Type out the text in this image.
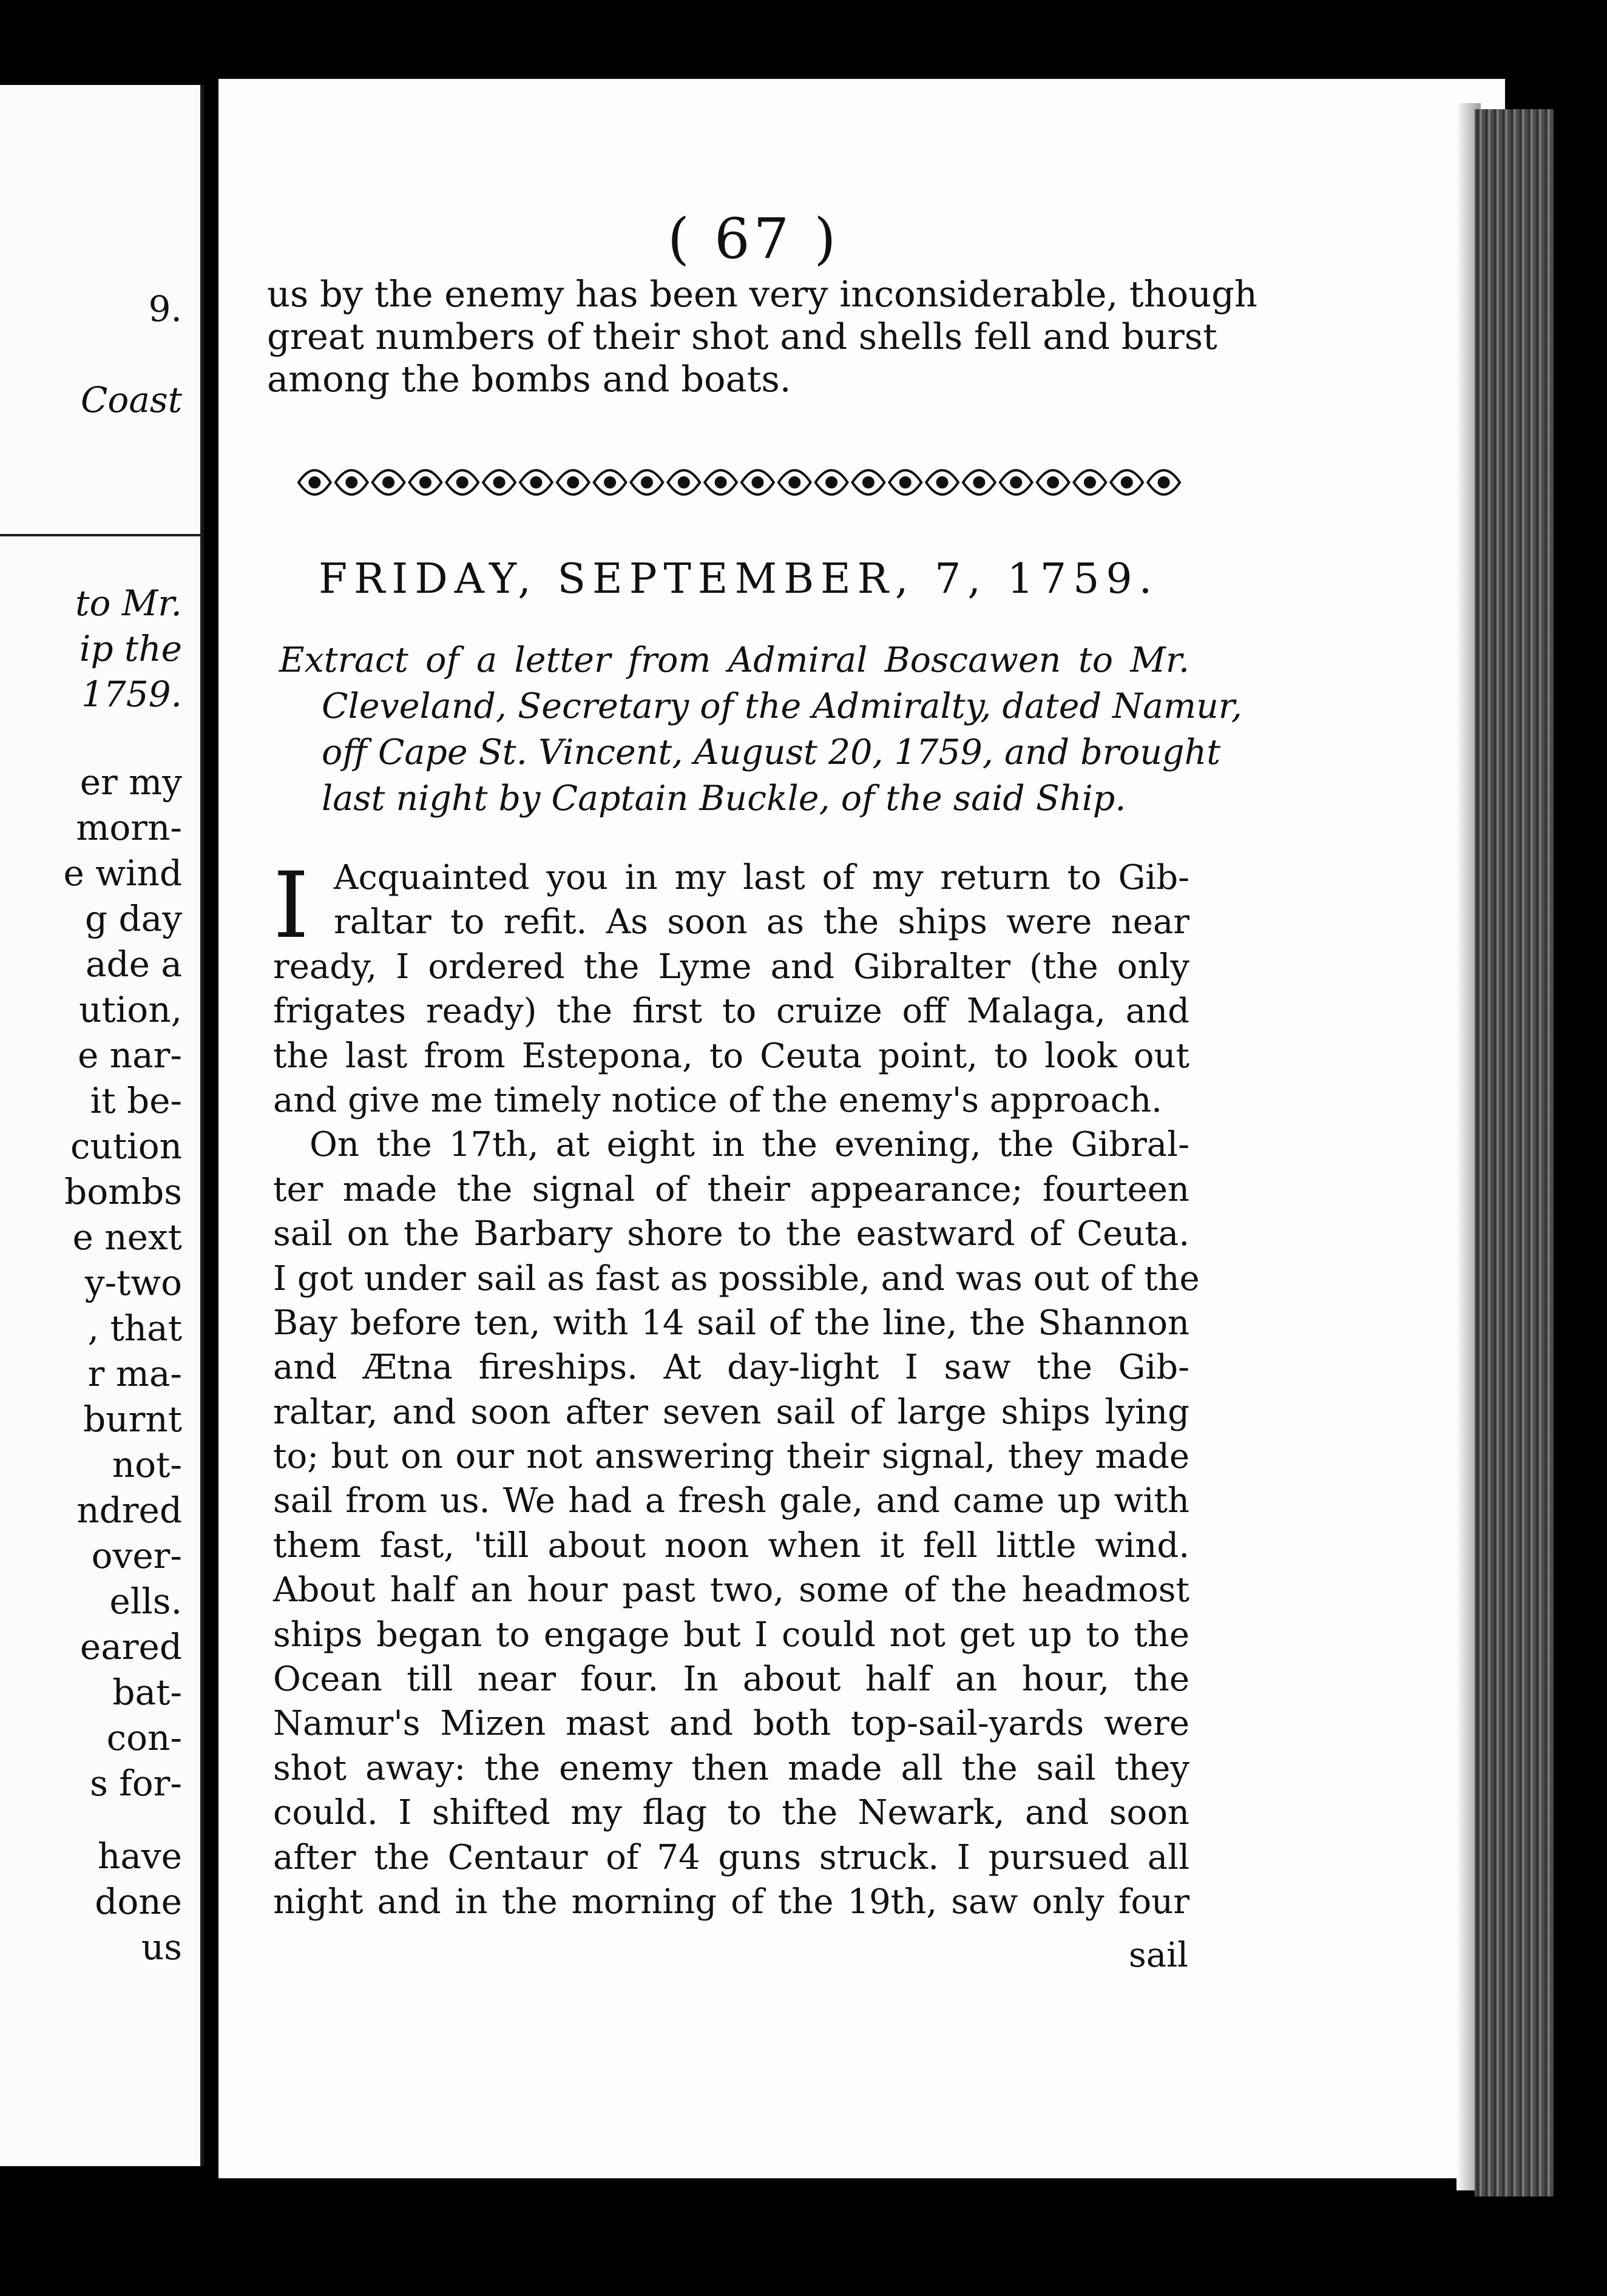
9.
Coast
to Mr.
ip the
1759.
er my
morn-
e wind
g day
ade a
ution,
e nar-
it be-
cution
bombs
e next
y-two
, that
r ma-
burnt
not-
ndred
over-
ells.
eared
bat-
con-
s for-
have
done
us
( 67 )
us by the enemy has been very inconsiderable, though
great numbers of their shot and shells fell and burst
among the bombs and boats.
FRIDAY, SEPTEMBER, 7, 1759.
Extract of a letter from Admiral Boscawen to Mr.
Cleveland, Secretary of the Admiralty, dated Namur,
off Cape St. Vincent, August 20, 1759, and brought
last night by Captain Buckle, of the said Ship.
I Acquainted you in my last of my return to Gib-
raltar to refit. As soon as the ships were near
ready, I ordered the Lyme and Gibralter (the only
frigates ready) the first to cruize off Malaga, and
the last from Estepona, to Ceuta point, to look out
and give me timely notice of the enemy's approach.
On the 17th, at eight in the evening, the Gibral-
ter made the signal of their appearance; fourteen
sail on the Barbary shore to the eastward of Ceuta.
I got under sail as fast as possible, and was out of the
Bay before ten, with 14 sail of the line, the Shannon
and Ætna fireships. At day-light I saw the Gib-
raltar, and soon after seven sail of large ships lying
to; but on our not answering their signal, they made
sail from us. We had a fresh gale, and came up with
them fast, 'till about noon when it fell little wind.
About half an hour past two, some of the headmost
ships began to engage but I could not get up to the
Ocean till near four. In about half an hour, the
Namur's Mizen mast and both top-sail-yards were
shot away: the enemy then made all the sail they
could. I shifted my flag to the Newark, and soon
after the Centaur of 74 guns struck. I pursued all
night and in the morning of the 19th, saw only four
sail
